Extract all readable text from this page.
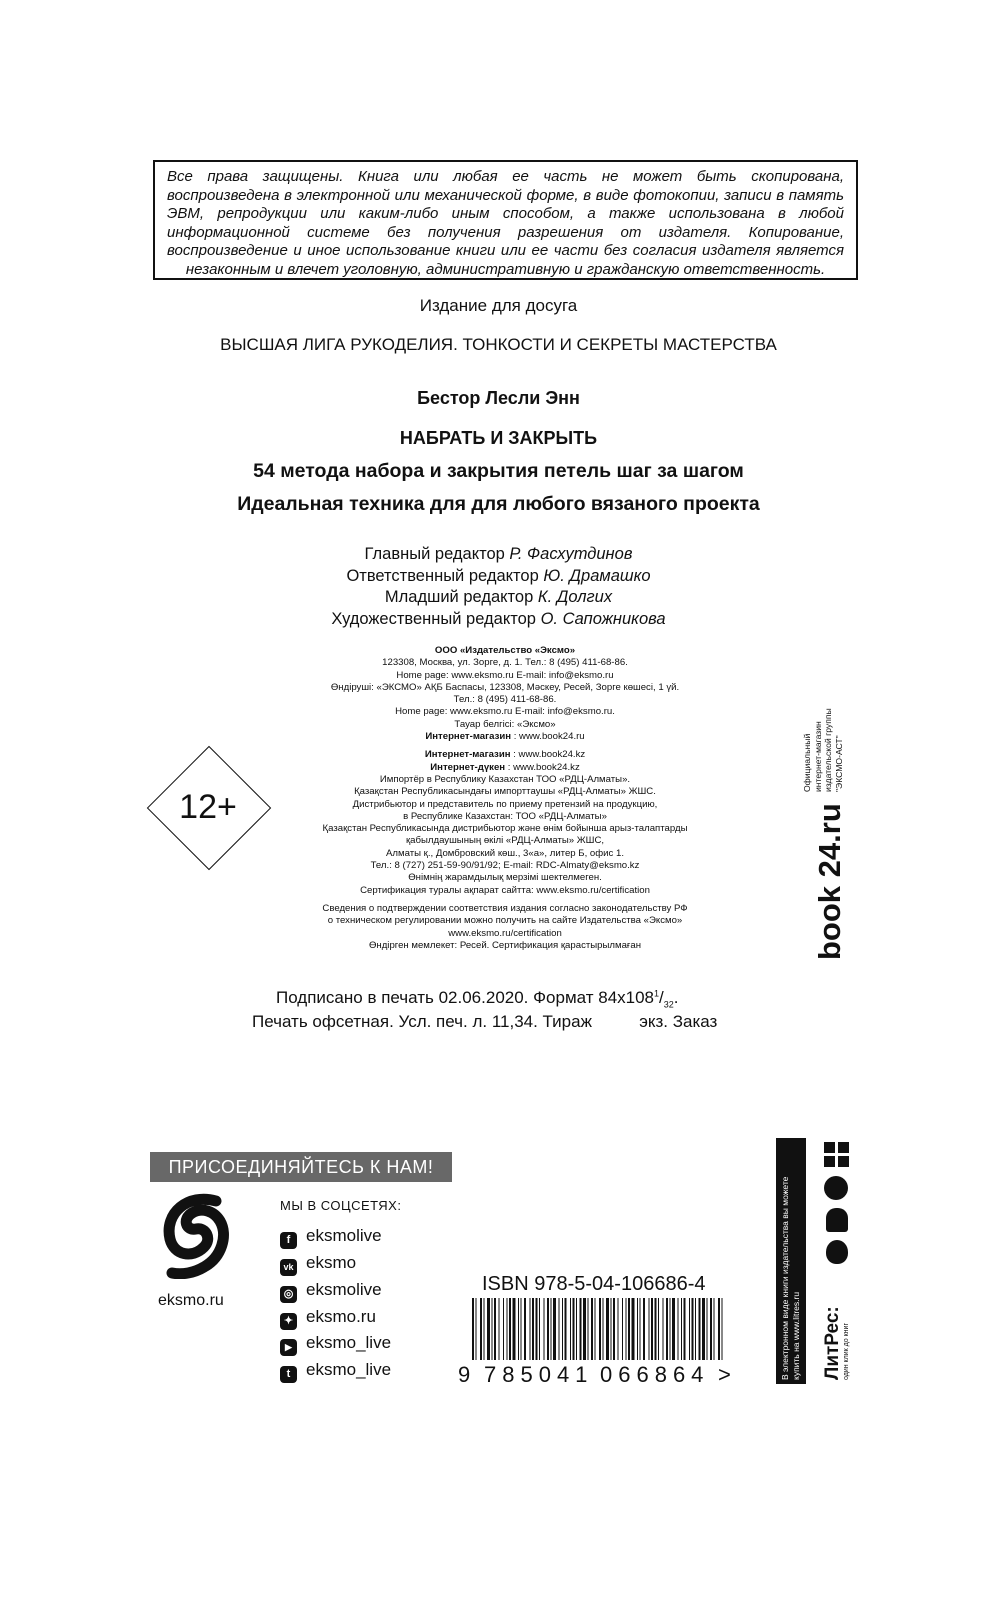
Все права защищены. Книга или любая ее часть не может быть скопирована, воспроизведена в электронной или механической форме, в виде фотокопии, записи в память ЭВМ, репродукции или каким-либо иным способом, а также использована в любой информационной системе без получения разрешения от издателя. Копирование, воспроизведение и иное использование книги или ее части без согласия издателя является незаконным и влечет уголовную, административную и гражданскую ответственность.
Издание для досуга
ВЫСШАЯ ЛИГА РУКОДЕЛИЯ. ТОНКОСТИ И СЕКРЕТЫ МАСТЕРСТВА
Бестор Лесли Энн
НАБРАТЬ И ЗАКРЫТЬ
54 метода набора и закрытия петель шаг за шагом
Идеальная техника для для любого вязаного проекта
Главный редактор Р. Фасхутдинов
Ответственный редактор Ю. Драмашко
Младший редактор К. Долгих
Художественный редактор О. Сапожникова
ООО «Издательство «Эксмо»
123308, Москва, ул. Зорге, д. 1. Тел.: 8 (495) 411-68-86.
Home page: www.eksmo.ru E-mail: info@eksmo.ru
Өндіруші: «ЭКСМО» АҚБ Баспасы, 123308, Мәскеу, Ресей, Зорге көшесі, 1 үй.
Тел.: 8 (495) 411-68-86.
Home page: www.eksmo.ru E-mail: info@eksmo.ru.
Тауар белгісі: «Эксмо»
Интернет-магазин : www.book24.ru
Интернет-магазин : www.book24.kz
Интернет-дүкен : www.book24.kz
Импортёр в Республику Казахстан ТОО «РДЦ-Алматы».
Қазақстан Республикасындағы импорттаушы «РДЦ-Алматы» ЖШС.
Дистрибьютор и представитель по приему претензий на продукцию,
в Республике Казахстан: ТОО «РДЦ-Алматы»
Қазақстан Республикасында дистрибьютор және өнім бойынша арыз-талаптарды
қабылдаушының өкілі «РДЦ-Алматы» ЖШС,
Алматы қ., Домбровский көш., 3«а», литер Б, офис 1.
Тел.: 8 (727) 251-59-90/91/92; E-mail: RDC-Almaty@eksmo.kz
Өнімнің жарамдылық мерзімі шектелмеген.
Сертификация туралы ақпарат сайтта: www.eksmo.ru/certification
Сведения о подтверждении соответствия издания согласно законодательству РФ
о техническом регулировании можно получить на сайте Издательства «Эксмо»
www.eksmo.ru/certification
Өндірген мемлекет: Ресей. Сертификация қарастырылмаған
12+	book 24.ru
Официальный интернет-магазин издательской группы "ЭКСМО-АСТ"
Подписано в печать 02.06.2020. Формат $84x108^1/_{32}$.
Печать офсетная. Усл. печ. л. 11,34. Тираж          экз. Заказ
ПРИСОЕДИНЯЙТЕСЬ К НАМ!
eksmo.ru
МЫ В СОЦСЕТЯХ:
f eksmolive
vk eksmo
◎ eksmolive
✦ eksmo.ru
▶ eksmo_live
t eksmo_live
ISBN 978-5-04-106686-4
9 785041 066864 >	В электронном виде книги издательства вы можете купить на www.litres.ru ЛитРес: один клик до книг
